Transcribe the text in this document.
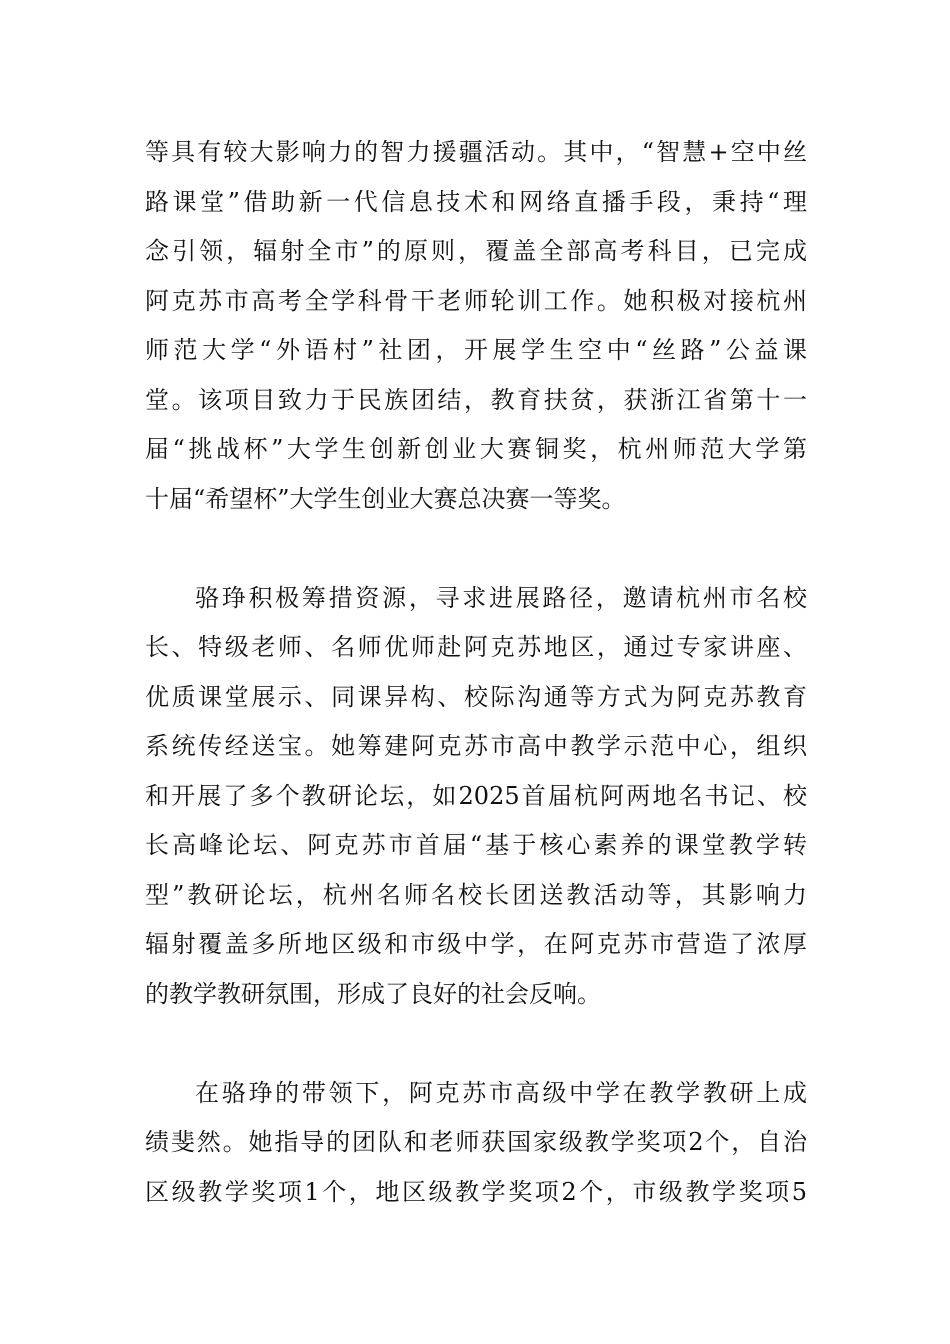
等具有较大影响力的智力援疆活动。其中，“智慧+空中丝
路课堂”借助新一代信息技术和网络直播手段，秉持“理
念引领，辐射全市”的原则，覆盖全部高考科目，已完成
阿克苏市高考全学科骨干老师轮训工作。她积极对接杭州
师范大学“外语村”社团，开展学生空中“丝路”公益课
堂。该项目致力于民族团结，教育扶贫，获浙江省第十一
届“挑战杯”大学生创新创业大赛铜奖，杭州师范大学第
十届“希望杯”大学生创业大赛总决赛一等奖。
骆琤积极筹措资源，寻求进展路径，邀请杭州市名校
长、特级老师、名师优师赴阿克苏地区，通过专家讲座、
优质课堂展示、同课异构、校际沟通等方式为阿克苏教育
系统传经送宝。她筹建阿克苏市高中教学示范中心，组织
和开展了多个教研论坛，如2025首届杭阿两地名书记、校
长高峰论坛、阿克苏市首届“基于核心素养的课堂教学转
型”教研论坛，杭州名师名校长团送教活动等，其影响力
辐射覆盖多所地区级和市级中学，在阿克苏市营造了浓厚
的教学教研氛围，形成了良好的社会反响。
在骆琤的带领下，阿克苏市高级中学在教学教研上成
绩斐然。她指导的团队和老师获国家级教学奖项2个，自治
区级教学奖项1个，地区级教学奖项2个，市级教学奖项5
